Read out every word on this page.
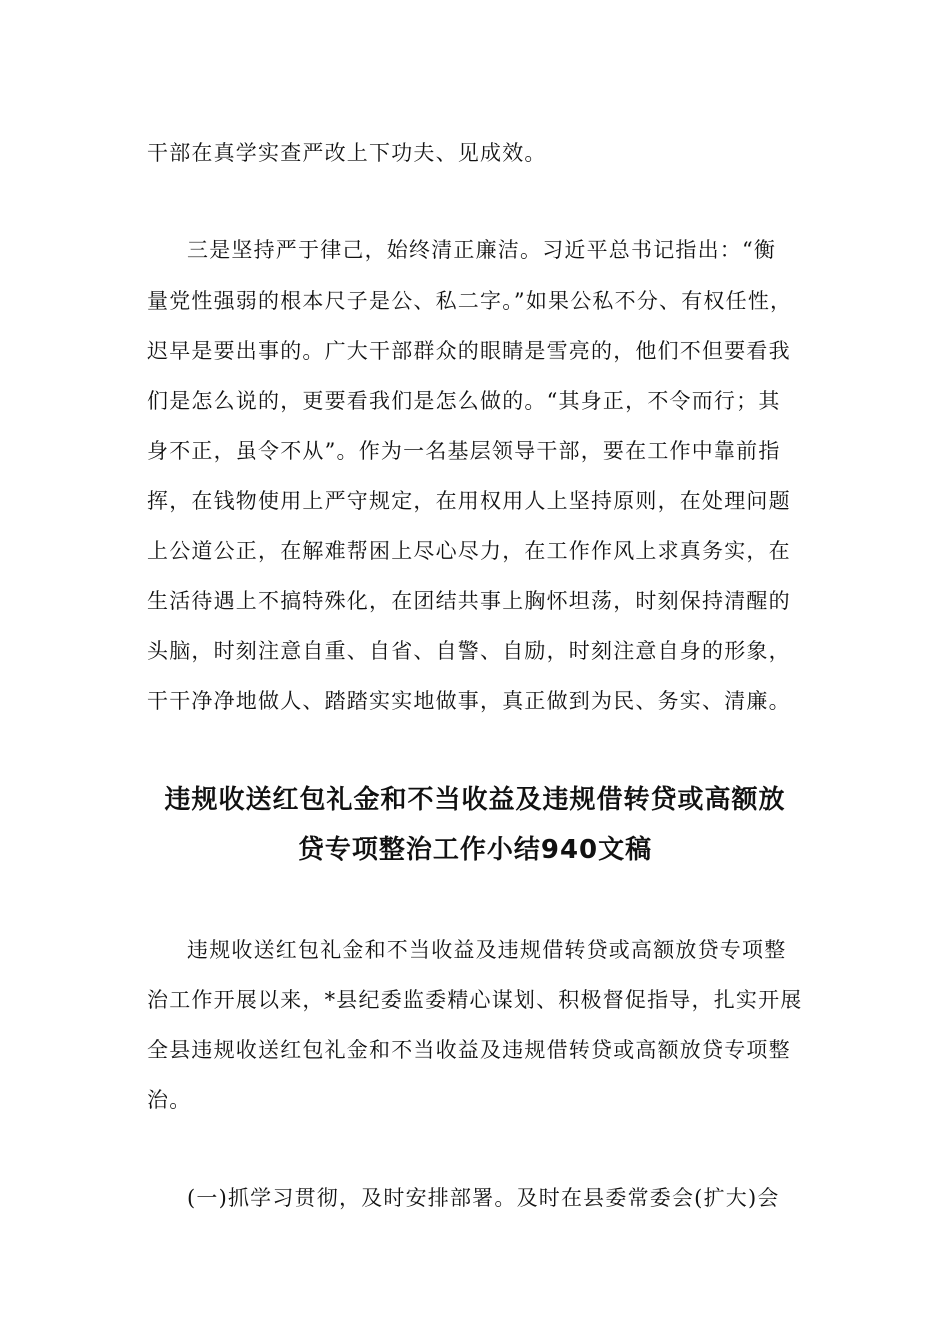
干部在真学实查严改上下功夫、见成效。
三是坚持严于律己，始终清正廉洁。习近平总书记指出：“衡
量党性强弱的根本尺子是公、私二字。”如果公私不分、有权任性，
迟早是要出事的。广大干部群众的眼睛是雪亮的，他们不但要看我
们是怎么说的，更要看我们是怎么做的。“其身正，不令而行；其
身不正，虽令不从”。作为一名基层领导干部，要在工作中靠前指
挥，在钱物使用上严守规定，在用权用人上坚持原则，在处理问题
上公道公正，在解难帮困上尽心尽力，在工作作风上求真务实，在
生活待遇上不搞特殊化，在团结共事上胸怀坦荡，时刻保持清醒的
头脑，时刻注意自重、自省、自警、自励，时刻注意自身的形象，
干干净净地做人、踏踏实实地做事，真正做到为民、务实、清廉。
违规收送红包礼金和不当收益及违规借转贷或高额放
贷专项整治工作小结940文稿
违规收送红包礼金和不当收益及违规借转贷或高额放贷专项整
治工作开展以来，*县纪委监委精心谋划、积极督促指导，扎实开展
全县违规收送红包礼金和不当收益及违规借转贷或高额放贷专项整
治。
(一)抓学习贯彻，及时安排部署。及时在县委常委会(扩大)会
